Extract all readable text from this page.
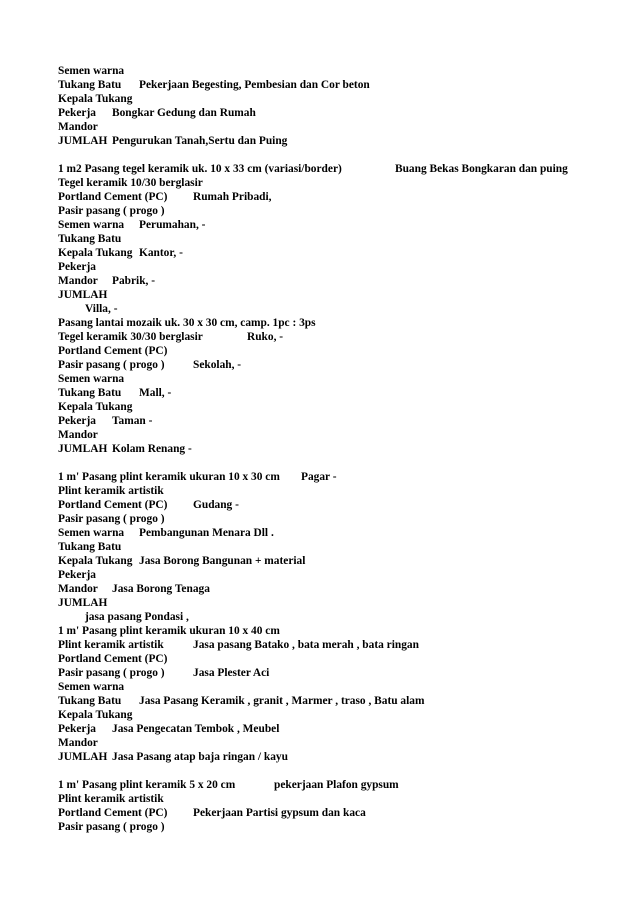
Semen warna
Tukang Batu Pekerjaan Begesting, Pembesian dan Cor beton
Kepala Tukang
Pekerja Bongkar Gedung dan Rumah
Mandor
JUMLAH Pengurukan Tanah,Sertu dan Puing
1 m2 Pasang tegel keramik uk. 10 x 33 cm (variasi/border)	Buang Bekas Bongkaran dan puing
Tegel keramik 10/30 berglasir
Portland Cement (PC) Rumah Pribadi,
Pasir pasang ( progo )
Semen warna Perumahan, -
Tukang Batu
Kepala Tukang Kantor, -
Pekerja
Mandor Pabrik, -
JUMLAH
Villa, -
Pasang lantai mozaik uk. 30 x 30 cm, camp. 1pc : 3ps
Tegel keramik 30/30 berglasir	Ruko, -
Portland Cement (PC)
Pasir pasang ( progo ) Sekolah, -
Semen warna
Tukang Batu Mall, -
Kepala Tukang
Pekerja Taman -
Mandor
JUMLAH Kolam Renang -
1 m' Pasang plint keramik ukuran 10 x 30 cm Pagar -
Plint keramik artistik
Portland Cement (PC) Gudang -
Pasir pasang ( progo )
Semen warna Pembangunan Menara Dll .
Tukang Batu
Kepala Tukang Jasa Borong Bangunan + material
Pekerja
Mandor Jasa Borong Tenaga
JUMLAH
jasa pasang Pondasi ,
1 m' Pasang plint keramik ukuran 10 x 40 cm
Plint keramik artistik	Jasa pasang Batako , bata merah , bata ringan
Portland Cement (PC)
Pasir pasang ( progo ) Jasa Plester Aci
Semen warna
Tukang Batu Jasa Pasang Keramik , granit , Marmer , traso , Batu alam
Kepala Tukang
Pekerja Jasa Pengecatan Tembok , Meubel
Mandor
JUMLAH Jasa Pasang atap baja ringan / kayu
1 m' Pasang plint keramik 5 x 20 cm	pekerjaan Plafon gypsum
Plint keramik artistik
Portland Cement (PC) Pekerjaan Partisi gypsum dan kaca
Pasir pasang ( progo )
